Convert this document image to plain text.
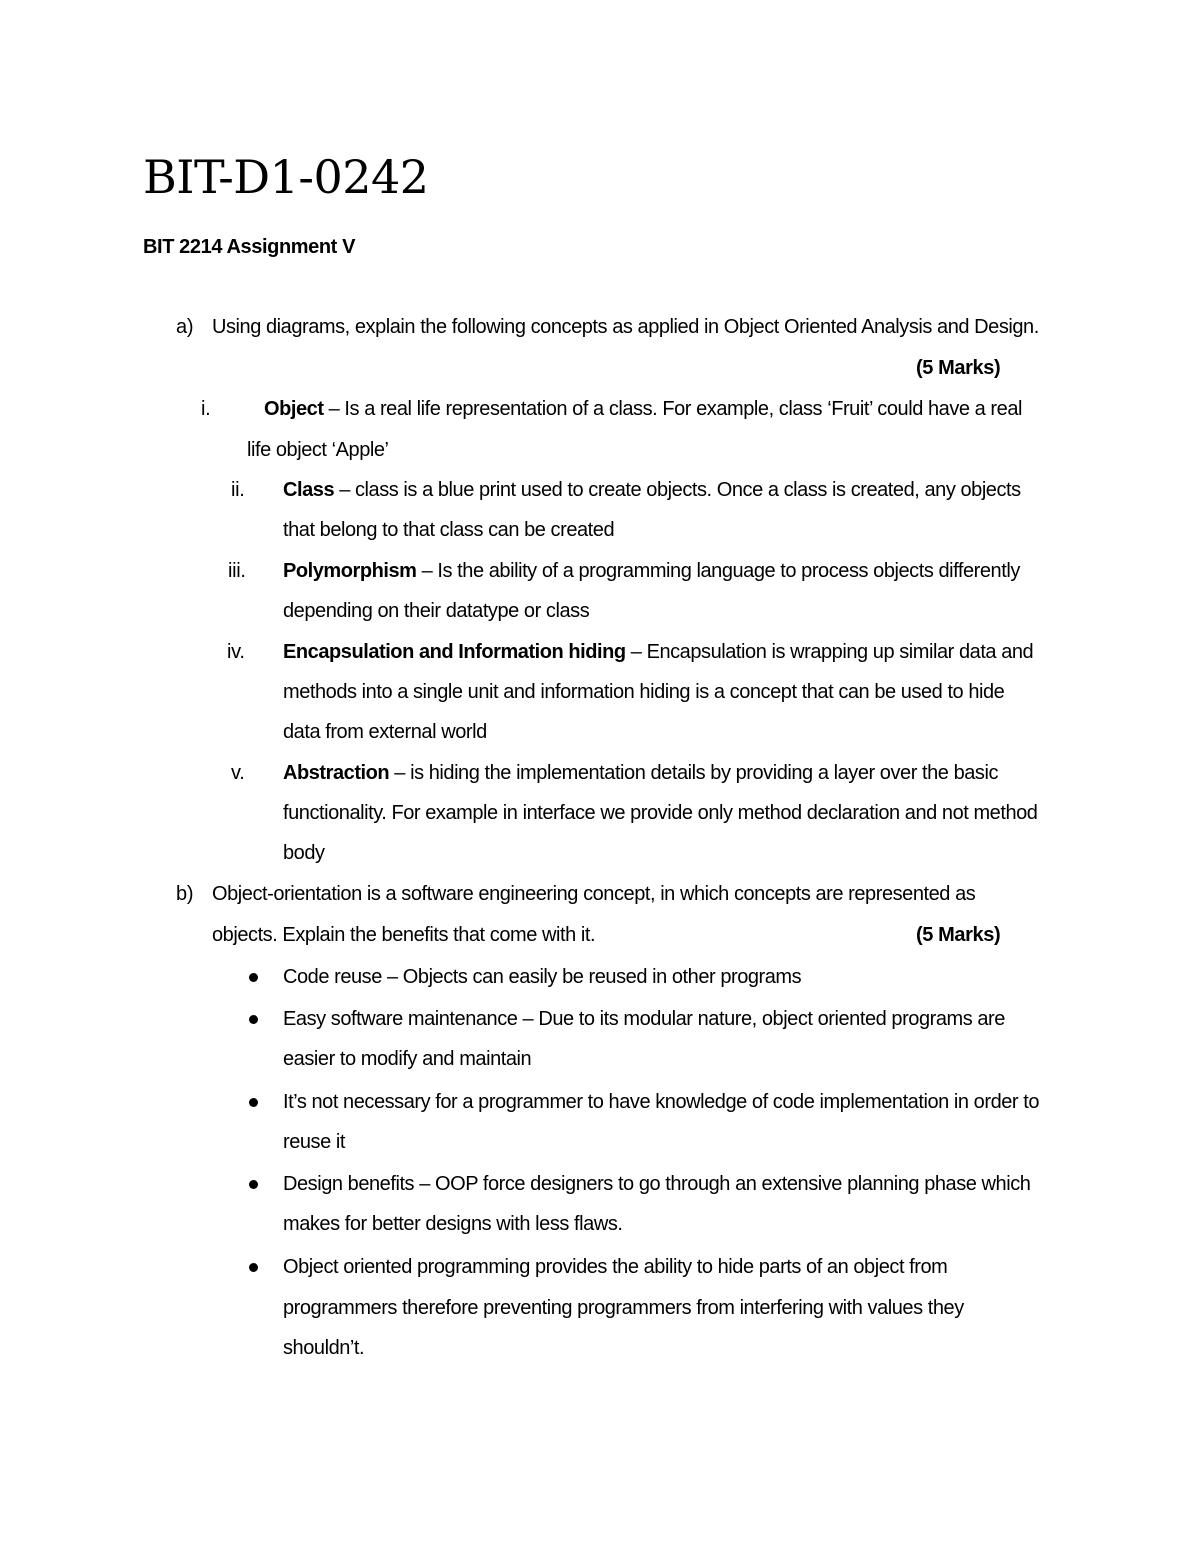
BIT-D1-0242

BIT 2214 Assignment V

a) Using diagrams, explain the following concepts as applied in Object Oriented Analysis and Design.
(5 Marks)
i.	Object – Is a real life representation of a class. For example, class ‘Fruit’ could have a real
life object ‘Apple’
ii. Class – class is a blue print used to create objects. Once a class is created, any objects
that belong to that class can be created
iii. Polymorphism – Is the ability of a programming language to process objects differently
depending on their datatype or class
iv. Encapsulation and Information hiding – Encapsulation is wrapping up similar data and
methods into a single unit and information hiding is a concept that can be used to hide
data from external world
v. Abstraction – is hiding the implementation details by providing a layer over the basic
functionality. For example in interface we provide only method declaration and not method
body
b) Object-orientation is a software engineering concept, in which concepts are represented as
objects. Explain the benefits that come with it.	(5 Marks)
Code reuse – Objects can easily be reused in other programs
Easy software maintenance – Due to its modular nature, object oriented programs are
easier to modify and maintain
It’s not necessary for a programmer to have knowledge of code implementation in order to
reuse it
Design benefits – OOP force designers to go through an extensive planning phase which
makes for better designs with less flaws.
Object oriented programming provides the ability to hide parts of an object from
programmers therefore preventing programmers from interfering with values they
shouldn’t.
